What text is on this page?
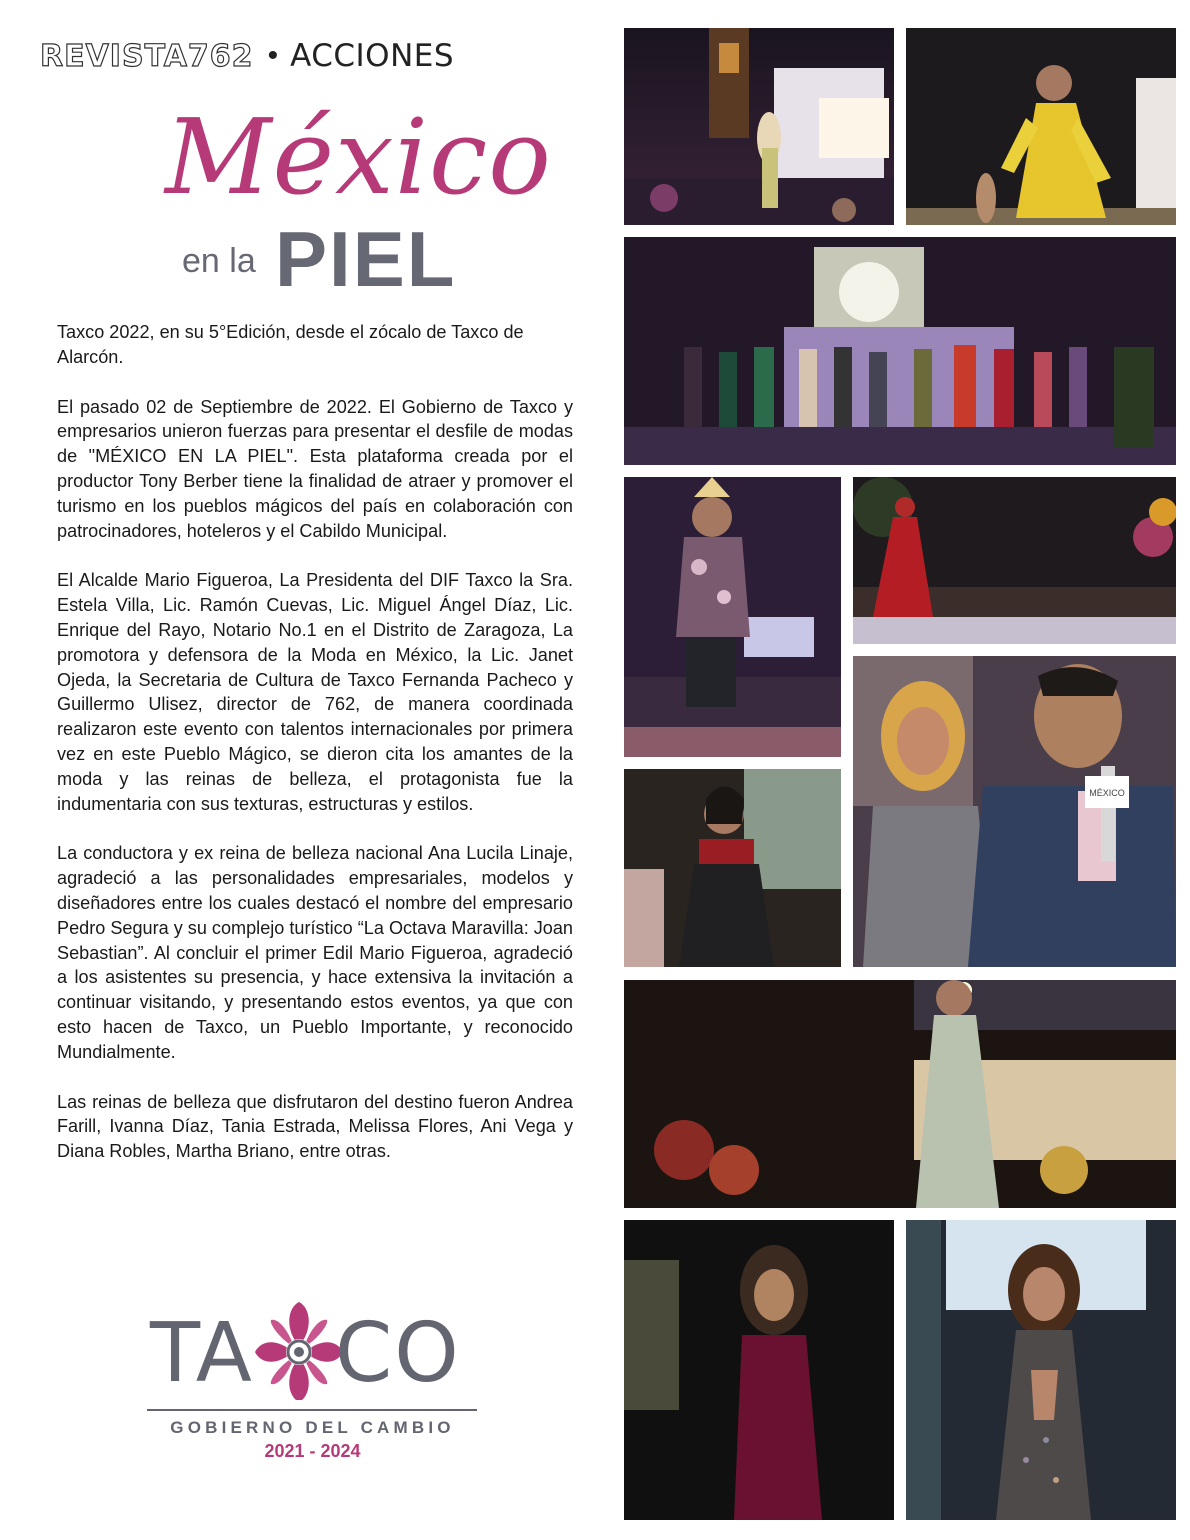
REVISTA762 • ACCIONES
México
en la PIEL

Taxco 2022, en su 5°Edición, desde el zócalo de Taxco de Alarcón.

El pasado 02 de Septiembre de 2022. El Gobierno de Taxco y empresarios unieron fuerzas para presentar el desfile de modas de "MÉXICO EN LA PIEL". Esta plataforma creada por el productor Tony Berber tiene la finalidad de atraer y promover el turismo en los pueblos mágicos del país en colaboración con patrocinadores, hoteleros y el Cabildo Municipal.

El Alcalde Mario Figueroa, La Presidenta del DIF Taxco la Sra. Estela Villa, Lic. Ramón Cuevas, Lic. Miguel Ángel Díaz, Lic. Enrique del Rayo, Notario No.1 en el Distrito de Zaragoza, La promotora y defensora de la Moda en México, la Lic. Janet Ojeda, la Secretaria de Cultura de Taxco Fernanda Pacheco y Guillermo Ulisez, director de 762, de manera coordinada realizaron este evento con talentos internacionales por primera vez en este Pueblo Mágico, se dieron cita los amantes de la moda y las reinas de belleza, el protagonista fue la indumentaria con sus texturas, estructuras y estilos.

La conductora y ex reina de belleza nacional Ana Lucila Linaje, agradeció a las personalidades empresariales, modelos y diseñadores entre los cuales destacó el nombre del empresario Pedro Segura y su complejo turístico “La Octava Maravilla: Joan Sebastian”. Al concluir el primer Edil Mario Figueroa, agradeció a los asistentes su presencia, y hace extensiva la invitación a continuar visitando, y presentando estos eventos, ya que con esto hacen de Taxco, un Pueblo Importante, y reconocido Mundialmente.

Las reinas de belleza que disfrutaron del destino fueron Andrea Farill, Ivanna Díaz, Tania Estrada, Melissa Flores, Ani Vega y Diana Robles, Martha Briano, entre otras.

TA CO
GOBIERNO DEL CAMBIO
2021 - 2024
MÉXICO
